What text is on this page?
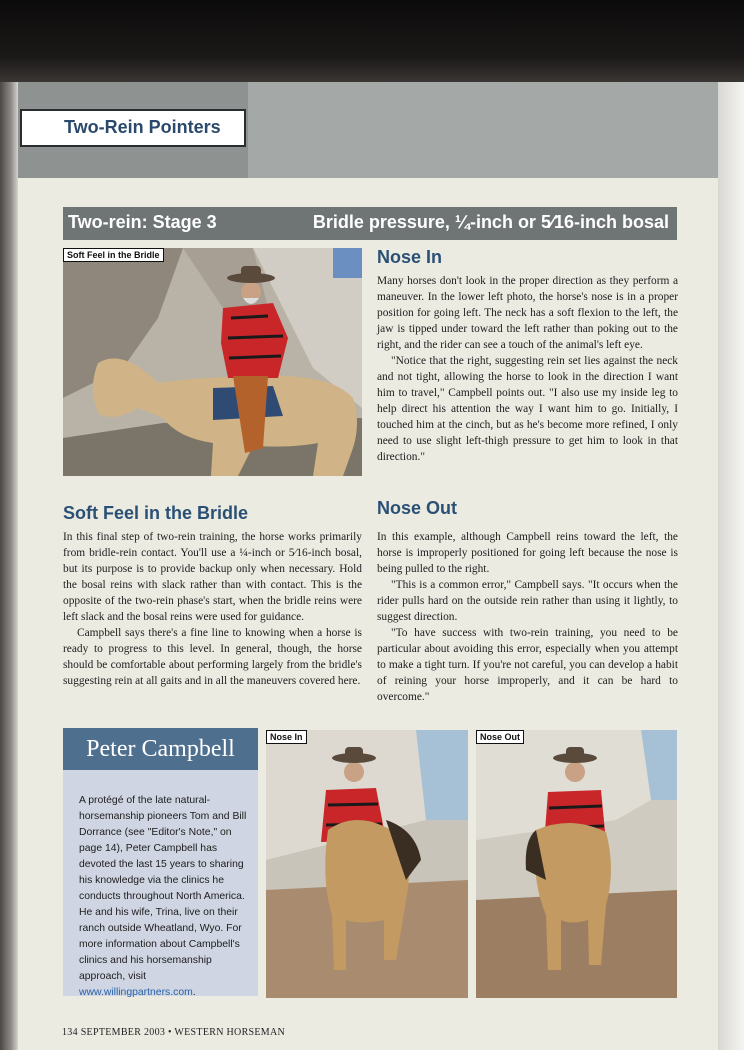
Two-Rein Pointers
Two-rein: Stage 3	Bridle pressure, ¼-inch or 5⁄16-inch bosal
Soft Feel in the Bridle	Nose In

Many horses don't look in the proper direction as they perform a maneuver. In the lower left photo, the horse's nose is in a proper position for going left. The neck has a soft flexion to the left, the jaw is tipped under toward the left rather than poking out to the right, and the rider can see a touch of the animal's left eye.

"Notice that the right, suggesting rein set lies against the neck and not tight, allowing the horse to look in the direction I want him to travel," Campbell points out. "I also use my inside leg to help direct his attention the way I want him to go. Initially, I touched him at the cinch, but as he's become more refined, I only need to use slight left-thigh pressure to get him to look in that direction."

Soft Feel in the Bridle

In this final step of two-rein training, the horse works primarily from bridle-rein contact. You'll use a ¼-inch or 5⁄16-inch bosal, but its purpose is to provide backup only when necessary. Hold the bosal reins with slack rather than with contact. This is the opposite of the two-rein phase's start, when the bridle reins were left slack and the bosal reins were used for guidance.

Campbell says there's a fine line to knowing when a horse is ready to progress to this level. In general, though, the horse should be comfortable about performing largely from the bridle's suggesting rein at all gaits and in all the maneuvers covered here.

Nose Out

In this example, although Campbell reins toward the left, the horse is improperly positioned for going left because the nose is being pulled to the right.

"This is a common error," Campbell says. "It occurs when the rider pulls hard on the outside rein rather than using it lightly, to suggest direction.

"To have success with two-rein training, you need to be particular about avoiding this error, especially when you attempt to make a tight turn. If you're not careful, you can develop a habit of reining your horse improperly, and it can be hard to overcome."

Peter Campbell

A protégé of the late natural-horsemanship pioneers Tom and Bill Dorrance (see "Editor's Note," on page 14), Peter Campbell has devoted the last 15 years to sharing his knowledge via the clinics he conducts throughout North America. He and his wife, Trina, live on their ranch outside Wheatland, Wyo. For more information about Campbell's clinics and his horsemanship approach, visit www.willingpartners.com.

Nose In	Nose Out
134 SEPTEMBER 2003 • WESTERN HORSEMAN
